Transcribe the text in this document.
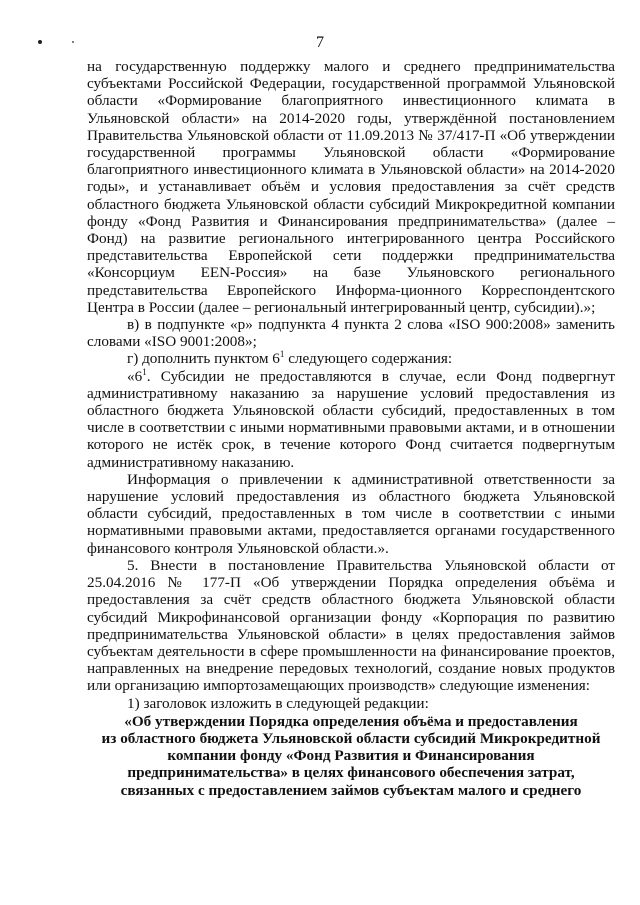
7

на государственную поддержку малого и среднего предпринимательства субъектами Российской Федерации, государственной программой Ульяновской области «Формирование благоприятного инвестиционного климата в Ульяновской области» на 2014-2020 годы, утверждённой постановлением Правительства Ульяновской области от 11.09.2013 № 37/417-П «Об утверждении государственной программы Ульяновской области «Формирование благоприятного инвестиционного климата в Ульяновской области» на 2014-2020 годы», и устанавливает объём и условия предоставления за счёт средств областного бюджета Ульяновской области субсидий Микрокредитной компании фонду «Фонд Развития и Финансирования предпринимательства» (далее – Фонд) на развитие регионального интегрированного центра Российского представительства Европейской сети поддержки предпринимательства «Консорциум EEN-Россия» на базе Ульяновского регионального представительства Европейского Информа-ционного Корреспондентского Центра в России (далее – региональный интегрированный центр, субсидии).»;

в) в подпункте «р» подпункта 4 пункта 2 слова «ISO 900:2008» заменить словами «ISO 9001:2008»;

г) дополнить пунктом $6^1$ следующего содержания:

«$6^1$. Субсидии не предоставляются в случае, если Фонд подвергнут административному наказанию за нарушение условий предоставления из областного бюджета Ульяновской области субсидий, предоставленных в том числе в соответствии с иными нормативными правовыми актами, и в отношении которого не истёк срок, в течение которого Фонд считается подвергнутым административному наказанию.

Информация о привлечении к административной ответственности за нарушение условий предоставления из областного бюджета Ульяновской области субсидий, предоставленных в том числе в соответствии с иными нормативными правовыми актами, предоставляется органами государственного финансового контроля Ульяновской области.».

5. Внести в постановление Правительства Ульяновской области от 25.04.2016 № 177-П «Об утверждении Порядка определения объёма и предоставления за счёт средств областного бюджета Ульяновской области субсидий Микрофинансовой организации фонду «Корпорация по развитию предпринимательства Ульяновской области» в целях предоставления займов субъектам деятельности в сфере промышленности на финансирование проектов, направленных на внедрение передовых технологий, создание новых продуктов или организацию импортозамещающих производств» следующие изменения:

1) заголовок изложить в следующей редакции:

«Об утверждении Порядка определения объёма и предоставления

из областного бюджета Ульяновской области субсидий Микрокредитной

компании фонду «Фонд Развития и Финансирования

предпринимательства» в целях финансового обеспечения затрат,

связанных с предоставлением займов субъектам малого и среднего
